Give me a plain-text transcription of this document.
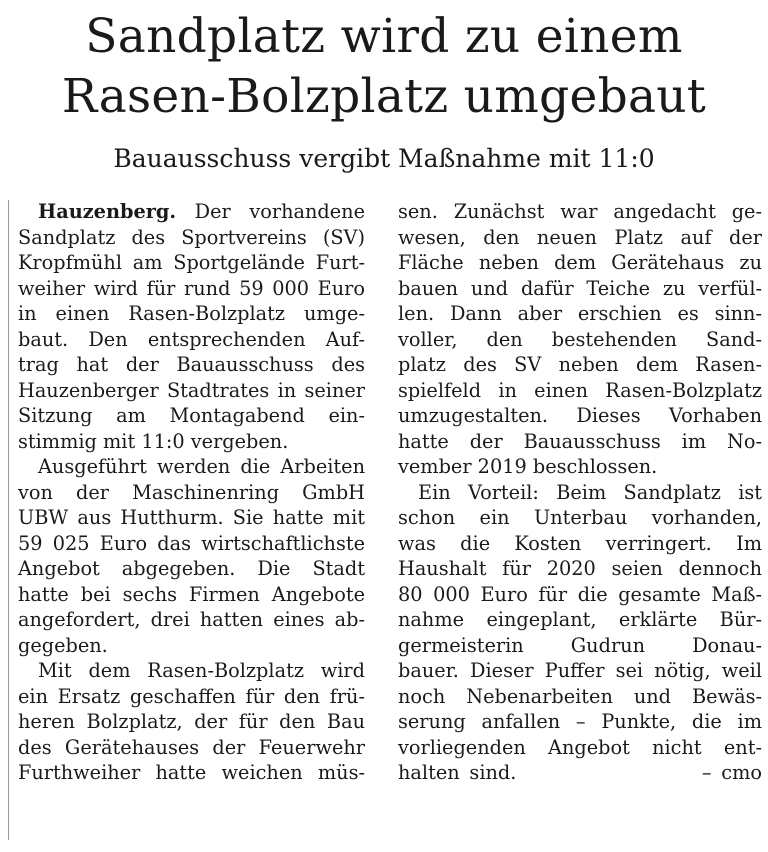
Sandplatz wird zu einem
Rasen-Bolzplatz umgebaut
Bauausschuss vergibt Maßnahme mit 11:0
Hauzenberg. Der vorhandene
Sandplatz des Sportvereins (SV)
Kropfmühl am Sportgelände Furt-
weiher wird für rund 59 000 Euro
in einen Rasen-Bolzplatz umge-
baut. Den entsprechenden Auf-
trag hat der Bauausschuss des
Hauzenberger Stadtrates in seiner
Sitzung am Montagabend ein-
stimmig mit 11:0 vergeben.
Ausgeführt werden die Arbeiten
von der Maschinenring GmbH
UBW aus Hutthurm. Sie hatte mit
59 025 Euro das wirtschaftlichste
Angebot abgegeben. Die Stadt
hatte bei sechs Firmen Angebote
angefordert, drei hatten eines ab-
gegeben.
Mit dem Rasen-Bolzplatz wird
ein Ersatz geschaffen für den frü-
heren Bolzplatz, der für den Bau
des Gerätehauses der Feuerwehr
Furthweiher hatte weichen müs-
sen. Zunächst war angedacht ge-
wesen, den neuen Platz auf der
Fläche neben dem Gerätehaus zu
bauen und dafür Teiche zu verfül-
len. Dann aber erschien es sinn-
voller, den bestehenden Sand-
platz des SV neben dem Rasen-
spielfeld in einen Rasen-Bolzplatz
umzugestalten. Dieses Vorhaben
hatte der Bauausschuss im No-
vember 2019 beschlossen.
Ein Vorteil: Beim Sandplatz ist
schon ein Unterbau vorhanden,
was die Kosten verringert. Im
Haushalt für 2020 seien dennoch
80 000 Euro für die gesamte Maß-
nahme eingeplant, erklärte Bür-
germeisterin Gudrun Donau-
bauer. Dieser Puffer sei nötig, weil
noch Nebenarbeiten und Bewäs-
serung anfallen – Punkte, die im
vorliegenden Angebot nicht ent-
halten sind.                   – cmo
